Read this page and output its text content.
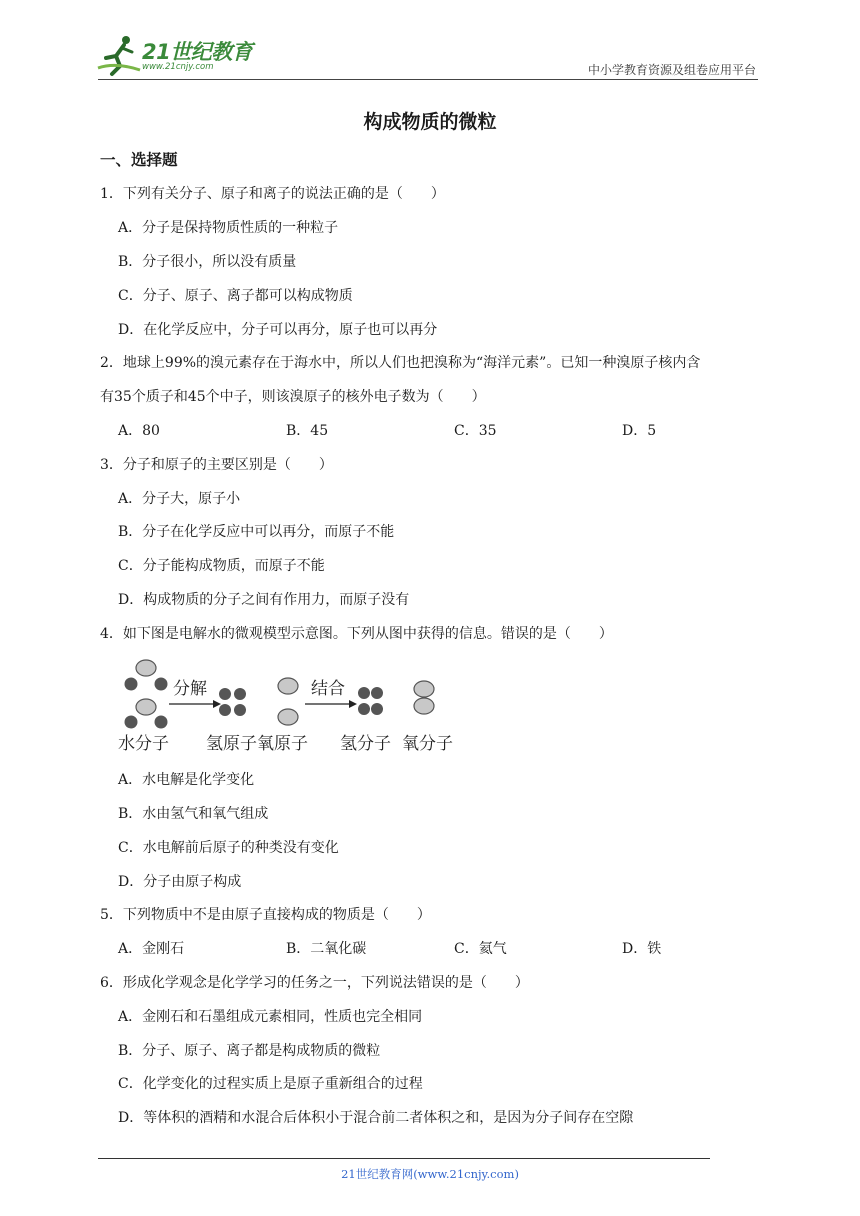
21世纪教育
www.21cnjy.com	中小学教育资源及组卷应用平台
构成物质的微粒
一、选择题
1．下列有关分子、原子和离子的说法正确的是（　　）
A．分子是保持物质性质的一种粒子
B．分子很小，所以没有质量
C．分子、原子、离子都可以构成物质
D．在化学反应中，分子可以再分，原子也可以再分
2．地球上99%的溴元素存在于海水中，所以人们也把溴称为“海洋元素”。已知一种溴原子核内含
有35个质子和45个中子，则该溴原子的核外电子数为（　　）
A．80	B．45	C．35	D．5
3．分子和原子的主要区别是（　　）
A．分子大，原子小
B．分子在化学反应中可以再分，而原子不能
C．分子能构成物质，而原子不能
D．构成物质的分子之间有作用力，而原子没有
4．如下图是电解水的微观模型示意图。下列从图中获得的信息。错误的是（　　）
分解	结合
水分子 氢原子氧原子 氢分子 氧分子
A．水电解是化学变化
B．水由氢气和氧气组成
C．水电解前后原子的种类没有变化
D．分子由原子构成
5．下列物质中不是由原子直接构成的物质是（　　）
A．金刚石	B．二氧化碳	C．氦气	D．铁
6．形成化学观念是化学学习的任务之一，下列说法错误的是（　　）
A．金刚石和石墨组成元素相同，性质也完全相同
B．分子、原子、离子都是构成物质的微粒
C．化学变化的过程实质上是原子重新组合的过程
D．等体积的酒精和水混合后体积小于混合前二者体积之和，是因为分子间存在空隙
21世纪教育网(www.21cnjy.com)
